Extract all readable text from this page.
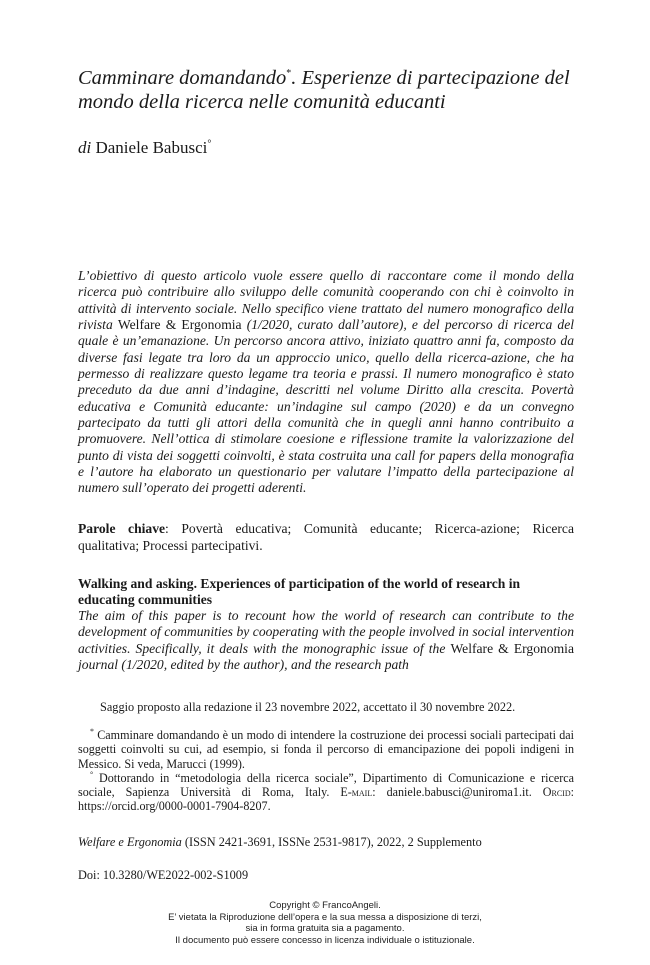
Camminare domandando*. Esperienze di partecipazione del mondo della ricerca nelle comunità educanti

di Daniele Babusci°

L’obiettivo di questo articolo vuole essere quello di raccontare come il mondo della ricerca può contribuire allo sviluppo delle comunità cooperando con chi è coinvolto in attività di intervento sociale. Nello specifico viene trattato del numero monografico della rivista Welfare & Ergonomia (1/2020, curato dall’autore), e del percorso di ricerca del quale è un’emanazione. Un percorso ancora attivo, iniziato quattro anni fa, composto da diverse fasi legate tra loro da un approccio unico, quello della ricerca-azione, che ha permesso di realizzare questo legame tra teoria e prassi. Il numero monografico è stato preceduto da due anni d’indagine, descritti nel volume Diritto alla crescita. Povertà educativa e Comunità educante: un’indagine sul campo (2020) e da un convegno partecipato da tutti gli attori della comunità che in quegli anni hanno contribuito a promuovere. Nell’ottica di stimolare coesione e riflessione tramite la valorizzazione del punto di vista dei soggetti coinvolti, è stata costruita una call for papers della monografia e l’autore ha elaborato un questionario per valutare l’impatto della partecipazione al numero sull’operato dei progetti aderenti.

Parole chiave: Povertà educativa; Comunità educante; Ricerca-azione; Ricerca qualitativa; Processi partecipativi.

Walking and asking. Experiences of participation of the world of research in educating communities

The aim of this paper is to recount how the world of research can contribute to the development of communities by cooperating with the people involved in social intervention activities. Specifically, it deals with the monographic issue of the Welfare & Ergonomia journal (1/2020, edited by the author), and the research path

Saggio proposto alla redazione il 23 novembre 2022, accettato il 30 novembre 2022.

* Camminare domandando è un modo di intendere la costruzione dei processi sociali partecipati dai soggetti coinvolti su cui, ad esempio, si fonda il percorso di emancipazione dei popoli indigeni in Messico. Si veda, Marucci (1999).

° Dottorando in “metodologia della ricerca sociale”, Dipartimento di Comunicazione e ricerca sociale, Sapienza Università di Roma, Italy. E-mail: daniele.babusci@uniroma1.it. Orcid: https://orcid.org/0000-0001-7904-8207.

Welfare e Ergonomia (ISSN 2421-3691, ISSNe 2531-9817), 2022, 2 Supplemento

Doi: 10.3280/WE2022-002-S1009

Copyright © FrancoAngeli.
E’ vietata la Riproduzione dell’opera e la sua messa a disposizione di terzi,
sia in forma gratuita sia a pagamento.
Il documento può essere concesso in licenza individuale o istituzionale.
